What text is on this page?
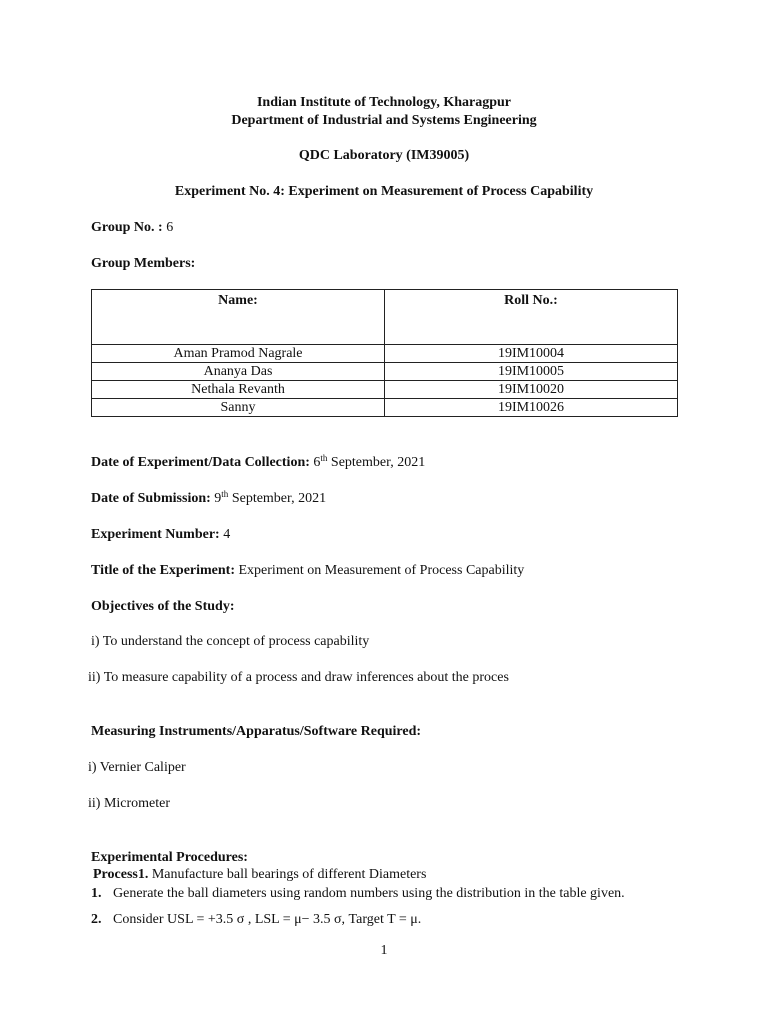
Indian Institute of Technology, Kharagpur
Department of Industrial and Systems Engineering
QDC Laboratory (IM39005)
Experiment No. 4: Experiment on Measurement of Process Capability
Group No. : 6
Group Members:
Name:	Roll No.:
Aman Pramod Nagrale	19IM10004
Ananya Das	19IM10005
Nethala Revanth	19IM10020
Sanny	19IM10026
Date of Experiment/Data Collection: 6th September, 2021
Date of Submission: 9th September, 2021
Experiment Number: 4
Title of the Experiment: Experiment on Measurement of Process Capability
Objectives of the Study:
i) To understand the concept of process capability
ii) To measure capability of a process and draw inferences about the proces
Measuring Instruments/Apparatus/Software Required:
i) Vernier Caliper
ii) Micrometer
Experimental Procedures:
Process1. Manufacture ball bearings of different Diameters
1. Generate the ball diameters using random numbers using the distribution in the table given.
2. Consider USL = +3.5 σ , LSL = μ− 3.5 σ, Target T = μ.
1
